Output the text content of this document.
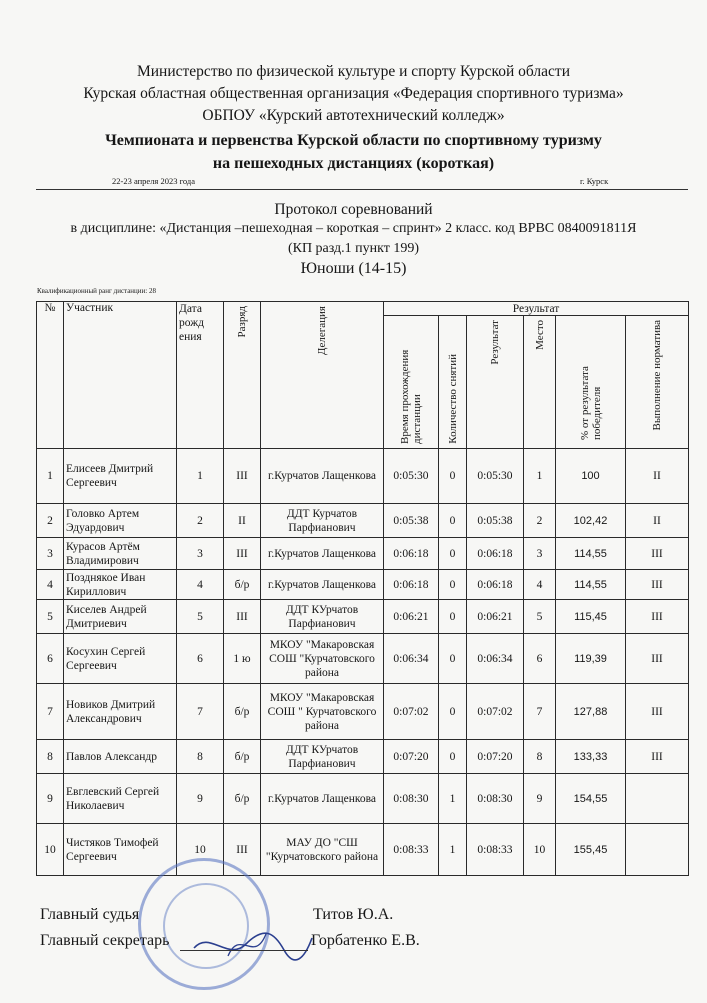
Министерство по физической культуре и спорту Курской области
Курская областная общественная организация «Федерация спортивного туризма»
ОБПОУ «Курский автотехнический колледж»
Чемпионата и первенства Курской области по спортивному туризму
на пешеходных дистанциях (короткая)
22-23 апреля 2023 года	г. Курск
Протокол соревнований
в дисциплине: «Дистанция –пешеходная – короткая – спринт» 2 класс. код ВРВС 0840091811Я
(КП разд.1 пункт 199)
Юноши (14-15)
Квалификационный ранг дистанции: 28
№	Участник	Дата рожд ения	Разряд	Делегация	Результат					
					Время прохождения дистанции	Количество снятий	Результат	Место	% от результата победителя	Выполнение норматива
1	Елисеев Дмитрий Сергеевич	1	III	г.Курчатов Лащенкова	0:05:30	0	0:05:30	1	100	II
2	Головко Артем Эдуардович	2	II	ДДТ Курчатов Парфианович	0:05:38	0	0:05:38	2	102,42	II
3	Курасов Артём Владимирович	3	III	г.Курчатов Лащенкова	0:06:18	0	0:06:18	3	114,55	III
4	Позднякое Иван Кириллович	4	б/р	г.Курчатов Лащенкова	0:06:18	0	0:06:18	4	114,55	III
5	Киселев Андрей Дмитриевич	5	III	ДДТ КУрчатов Парфианович	0:06:21	0	0:06:21	5	115,45	III
6	Косухин Сергей Сергеевич	6	1 ю	МКОУ "Макаровская СОШ "Курчатовского района	0:06:34	0	0:06:34	6	119,39	III
7	Новиков Дмитрий Александрович	7	б/р	МКОУ "Макаровская СОШ " Курчатовского района	0:07:02	0	0:07:02	7	127,88	III
8	Павлов Александр	8	б/р	ДДТ КУрчатов Парфианович	0:07:20	0	0:07:20	8	133,33	III
9	Евглевский Сергей Николаевич	9	б/р	г.Курчатов Лащенкова	0:08:30	1	0:08:30	9	154,55	
10	Чистяков Тимофей Сергеевич	10	III	МАУ ДО "СШ "Курчатовского района	0:08:33	1	0:08:33	10	155,45	
Главный судья	Титов Ю.А.
Главный секретарь	Горбатенко Е.В.
